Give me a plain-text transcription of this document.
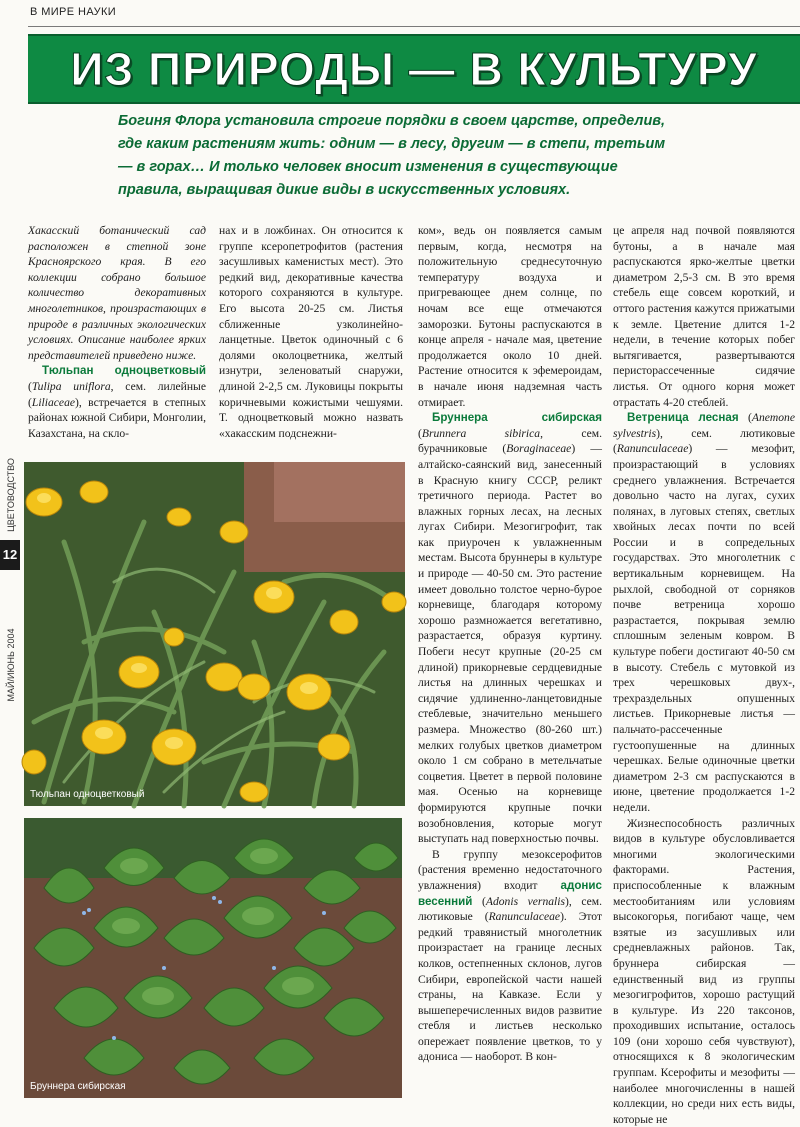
В МИРЕ НАУКИ
ИЗ ПРИРОДЫ — В КУЛЬТУРУ
Богиня Флора установила строгие порядки в своем царстве, определив, где каким растениям жить: одним — в лесу, другим — в степи, третьим — в горах… И только человек вносит изменения в существующие правила, выращивая дикие виды в искусственных условиях.
ЦВЕТОВОДСТВО
12
МАЙ/ИЮНЬ 2004

Хакасский ботанический сад расположен в степной зоне Красноярского края. В его коллекции собрано большое количество декоративных многолетников, произрастающих в природе в различных экологических условиях. Описание наиболее ярких представителей приведено ниже.

Тюльпан одноцветковый (Tulipa uniflora, сем. лилейные (Liliaceae), встречается в степных районах южной Сибири, Монголии, Казахстана, на скло-

нах и в ложбинах. Он относится к группе ксеропетрофитов (растения засушливых каменистых мест). Это редкий вид, декоративные качества которого сохраняются в культуре. Его высота 20-25 см. Листья сближенные узколинейно-ланцетные. Цветок одиночный с 6 долями околоцветника, желтый изнутри, зеленоватый снаружи, длиной 2-2,5 см. Луковицы покрыты коричневыми кожистыми чешуями. Т. одноцветковый можно назвать «хакасским подснежни-

ком», ведь он появляется самым первым, когда, несмотря на положительную среднесуточную температуру воздуха и пригревающее днем солнце, по ночам все еще отмечаются заморозки. Бутоны распускаются в конце апреля - начале мая, цветение продолжается около 10 дней. Растение относится к эфемероидам, в начале июня надземная часть отмирает.

Бруннера сибирская (Brunnera sibirica, сем. бурачниковые (Boraginaceae) — алтайско-саянский вид, занесенный в Красную книгу СССР, реликт третичного периода. Растет во влажных горных лесах, на лесных лугах Сибири. Мезогигрофит, так как приурочен к увлажненным местам. Высота бруннеры в культуре и природе — 40-50 см. Это растение имеет довольно толстое черно-бурое корневище, благодаря которому хорошо размножается вегетативно, разрастается, образуя куртину. Побеги несут крупные (20-25 см длиной) прикорневые сердцевидные листья на длинных черешках и сидячие удлиненно-ланцетовидные стеблевые, значительно меньшего размера. Множество (80-260 шт.) мелких голубых цветков диаметром около 1 см собрано в метельчатые соцветия. Цветет в первой половине мая. Осенью на корневище формируются крупные почки возобновления, которые могут выступать над поверхностью почвы.

В группу мезоксерофитов (растения временно недостаточного увлажнения) входит адонис весенний (Adonis vernalis), сем. лютиковые (Ranunculaceae). Этот редкий травянистый многолетник произрастает на границе лесных колков, остепненных склонов, лугов Сибири, европейской части нашей страны, на Кавказе. Если у вышеперечисленных видов развитие стебля и листьев несколько опережает появление цветков, то у адониса — наоборот. В кон-

це апреля над почвой появляются бутоны, а в начале мая распускаются ярко-желтые цветки диаметром 2,5-3 см. В это время стебель еще совсем короткий, и оттого растения кажутся прижатыми к земле. Цветение длится 1-2 недели, в течение которых побег вытягивается, развертываются перисторассеченные сидячие листья. От одного корня может отрастать 4-20 стеблей.

Ветреница лесная (Anemone sylvestris), сем. лютиковые (Ranunculaceae) — мезофит, произрастающий в условиях среднего увлажнения. Встречается довольно часто на лугах, сухих полянах, в луговых степях, светлых хвойных лесах почти по всей России и в сопредельных государствах. Это многолетник с вертикальным корневищем. На рыхлой, свободной от сорняков почве ветреница хорошо разрастается, покрывая землю сплошным зеленым ковром. В культуре побеги достигают 40-50 см в высоту. Стебель с мутовкой из трех черешковых двух-, трехраздельных опушенных листьев. Прикорневые листья — пальчато-рассеченные густоопушенные на длинных черешках. Белые одиночные цветки диаметром 2-3 см распускаются в июне, цветение продолжается 1-2 недели.

Жизнеспособность различных видов в культуре обусловливается многими экологическими факторами. Растения, приспособленные к влажным местообитаниям или условиям высокогорья, погибают чаще, чем взятые из засушливых или средневлажных районов. Так, бруннера сибирская — единственный вид из группы мезогигрофитов, хорошо растущий в культуре. Из 220 таксонов, проходивших испытание, осталось 109 (они хорошо себя чувствуют), относящихся к 8 экологическим группам. Ксерофиты и мезофиты — наиболее многочисленны в нашей коллекции, но среди них есть виды, которые не

Тюльпан одноцветковый
Бруннера сибирская
